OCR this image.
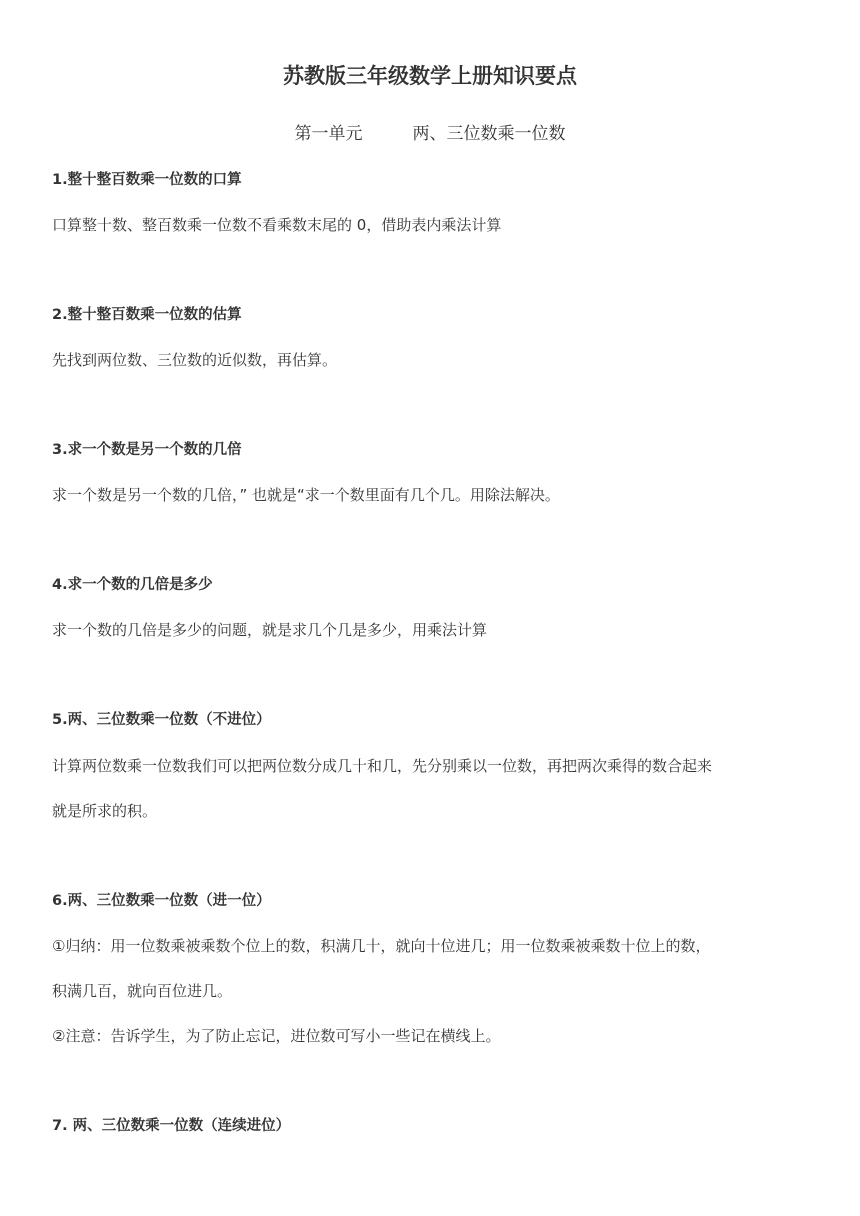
苏教版三年级数学上册知识要点
第一单元	两、三位数乘一位数
1.整十整百数乘一位数的口算
口算整十数、整百数乘一位数不看乘数末尾的 0，借助表内乘法计算
2.整十整百数乘一位数的估算
先找到两位数、三位数的近似数，再估算。
3.求一个数是另一个数的几倍
求一个数是另一个数的几倍，” 也就是“求一个数里面有几个几。用除法解决。
4.求一个数的几倍是多少
求一个数的几倍是多少的问题，就是求几个几是多少，用乘法计算
5.两、三位数乘一位数（不进位）
计算两位数乘一位数我们可以把两位数分成几十和几，先分别乘以一位数，再把两次乘得的数合起来
就是所求的积。
6.两、三位数乘一位数（进一位）
①归纳：用一位数乘被乘数个位上的数，积满几十，就向十位进几；用一位数乘被乘数十位上的数，
积满几百，就向百位进几。
②注意：告诉学生，为了防止忘记，进位数可写小一些记在横线上。
7. 两、三位数乘一位数（连续进位）
